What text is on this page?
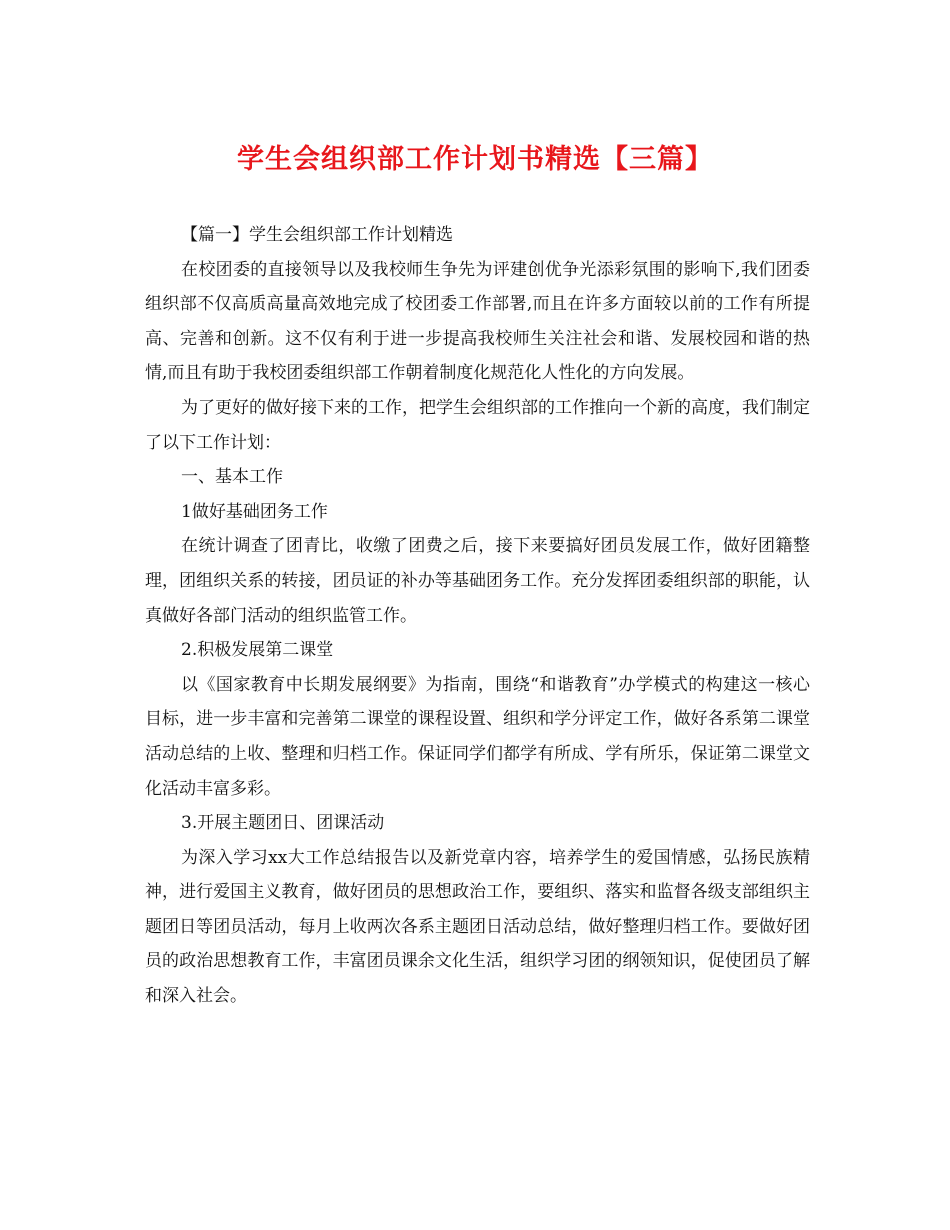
学生会组织部工作计划书精选【三篇】

【篇一】学生会组织部工作计划精选

在校团委的直接领导以及我校师生争先为评建创优争光添彩氛围的影响下,我们团委组织部不仅高质高量高效地完成了校团委工作部署,而且在许多方面较以前的工作有所提高、完善和创新。这不仅有利于进一步提高我校师生关注社会和谐、发展校园和谐的热情,而且有助于我校团委组织部工作朝着制度化规范化人性化的方向发展。

为了更好的做好接下来的工作，把学生会组织部的工作推向一个新的高度，我们制定了以下工作计划：

一、基本工作

1做好基础团务工作

在统计调查了团青比，收缴了团费之后，接下来要搞好团员发展工作，做好团籍整理，团组织关系的转接，团员证的补办等基础团务工作。充分发挥团委组织部的职能，认真做好各部门活动的组织监管工作。

2.积极发展第二课堂

以《国家教育中长期发展纲要》为指南，围绕“和谐教育”办学模式的构建这一核心目标，进一步丰富和完善第二课堂的课程设置、组织和学分评定工作，做好各系第二课堂活动总结的上收、整理和归档工作。保证同学们都学有所成、学有所乐，保证第二课堂文化活动丰富多彩。

3.开展主题团日、团课活动

为深入学习xx大工作总结报告以及新党章内容，培养学生的爱国情感，弘扬民族精神，进行爱国主义教育，做好团员的思想政治工作，要组织、落实和监督各级支部组织主题团日等团员活动，每月上收两次各系主题团日活动总结，做好整理归档工作。要做好团员的政治思想教育工作，丰富团员课余文化生活，组织学习团的纲领知识，促使团员了解和深入社会。
